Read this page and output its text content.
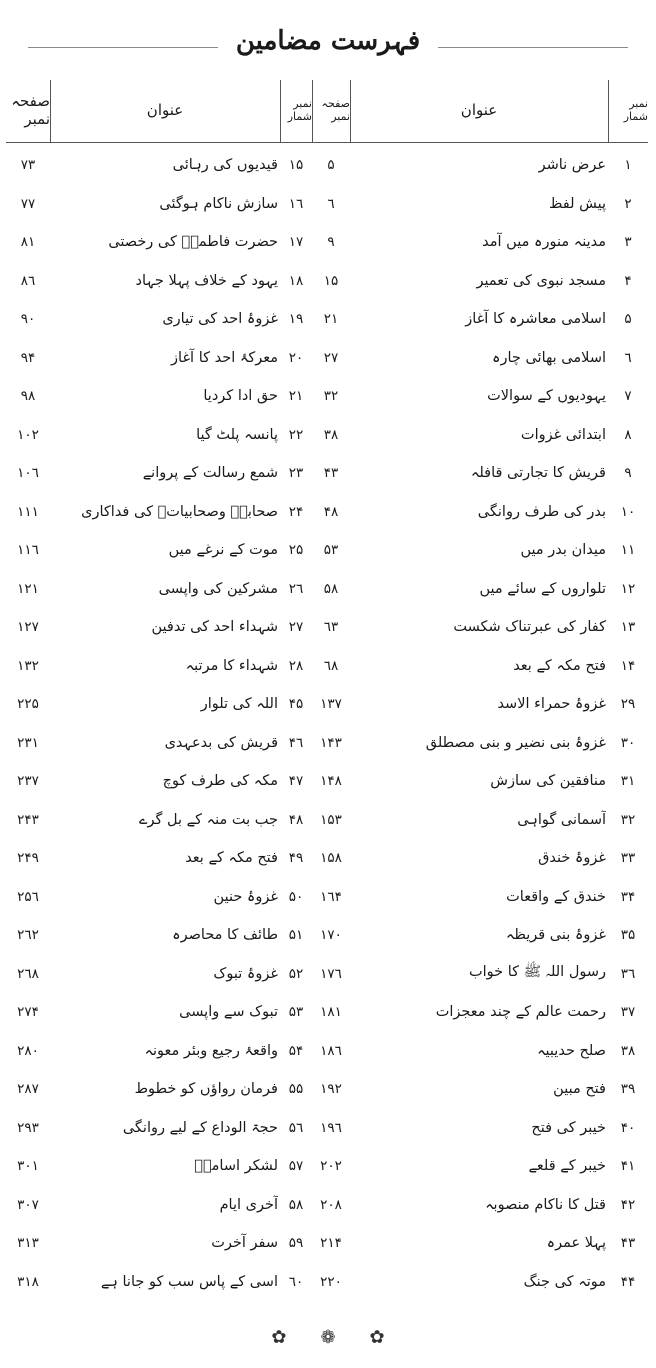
فہرست مضامین
صفحہ نمبر	عنوان	نمبر شمار
صفحہ نمبر	عنوان	نمبر شمار
٧٣	قیدیوں کی رہائی ١۵	۵	عرض ناشر	١
٧٧	سازش ناکام ہوگئی ١٦	٦	پیش لفظ	٢
٨١	حضرت فاطمہؓ کی رخصتی ١٧	٩	مدینہ منورہ میں آمد	٣
٨٦	یہود کے خلاف پہلا جہاد ١٨	١۵	مسجد نبوی کی تعمیر	۴
٩٠	غزوۂ احد کی تیاری ١٩	٢١	اسلامی معاشرہ کا آغاز	۵
٩۴	معرکۂ احد کا آغاز ٢٠	٢٧	اسلامی بھائی چارہ	٦
٩٨	حق ادا کردیا ٢١	٣٢	یہودیوں کے سوالات	٧
١٠٢	پانسہ پلٹ گیا ٢٢	٣٨	ابتدائی غزوات	٨
١٠٦	شمع رسالت کے پروانے ٢٣	۴٣	قریش کا تجارتی قافلہ	٩
١١١	صحابہؓ وصحابیاتؓ کی فداکاری ٢۴	۴٨	بدر کی طرف روانگی	١٠
١١٦	موت کے نرغے میں ٢۵	۵٣	میدان بدر میں	١١
١٢١	مشرکین کی واپسی ٢٦	۵٨	تلواروں کے سائے میں	١٢
١٢٧	شہداء احد کی تدفین ٢٧	٦٣	کفار کی عبرتناک شکست	١٣
١٣٢	شہداء کا مرتبہ ٢٨	٦٨	فتح مکہ کے بعد	١۴
٢٢۵	اللہ کی تلوار ۴۵	١٣٧	غزوۂ حمراء الاسد	٢٩
٢٣١	قریش کی بدعہدی ۴٦	١۴٣	غزوۂ بنی نضیر و بنی مصطلق	٣٠
٢٣٧	مکہ کی طرف کوچ ۴٧	١۴٨	منافقین کی سازش	٣١
٢۴٣	جب بت منہ کے بل گرے ۴٨	١۵٣	آسمانی گواہی	٣٢
٢۴٩	فتح مکہ کے بعد ۴٩	١۵٨	غزوۂ خندق	٣٣
٢۵٦	غزوۂ حنین ۵٠	١٦۴	خندق کے واقعات	٣۴
٢٦٢	طائف کا محاصرہ ۵١	١٧٠	غزوۂ بنی قریظہ	٣۵
٢٦٨	غزوۂ تبوک ۵٢	١٧٦	رسول اللہ ﷺ کا خواب	٣٦
٢٧۴	تبوک سے واپسی ۵٣	١٨١	رحمت عالم کے چند معجزات	٣٧
٢٨٠	واقعۂ رجیع وبئر معونہ ۵۴	١٨٦	صلح حدیبیہ	٣٨
٢٨٧	فرمان رواؤں کو خطوط ۵۵	١٩٢	فتح مبین	٣٩
٢٩٣	حجۃ الوداع کے لیے روانگی ۵٦	١٩٦	خیبر کی فتح	۴٠
٣٠١	لشکر اسامہؓ ۵٧	٢٠٢	خیبر کے قلعے	۴١
٣٠٧	آخری ایام ۵٨	٢٠٨	قتل کا ناکام منصوبہ	۴٢
٣١٣	سفر آخرت ۵٩	٢١۴	پہلا عمرہ	۴٣
٣١٨	اسی کے پاس سب کو جانا ہے ٦٠	٢٢٠	موتہ کی جنگ	۴۴
✿ ❁ ✿
